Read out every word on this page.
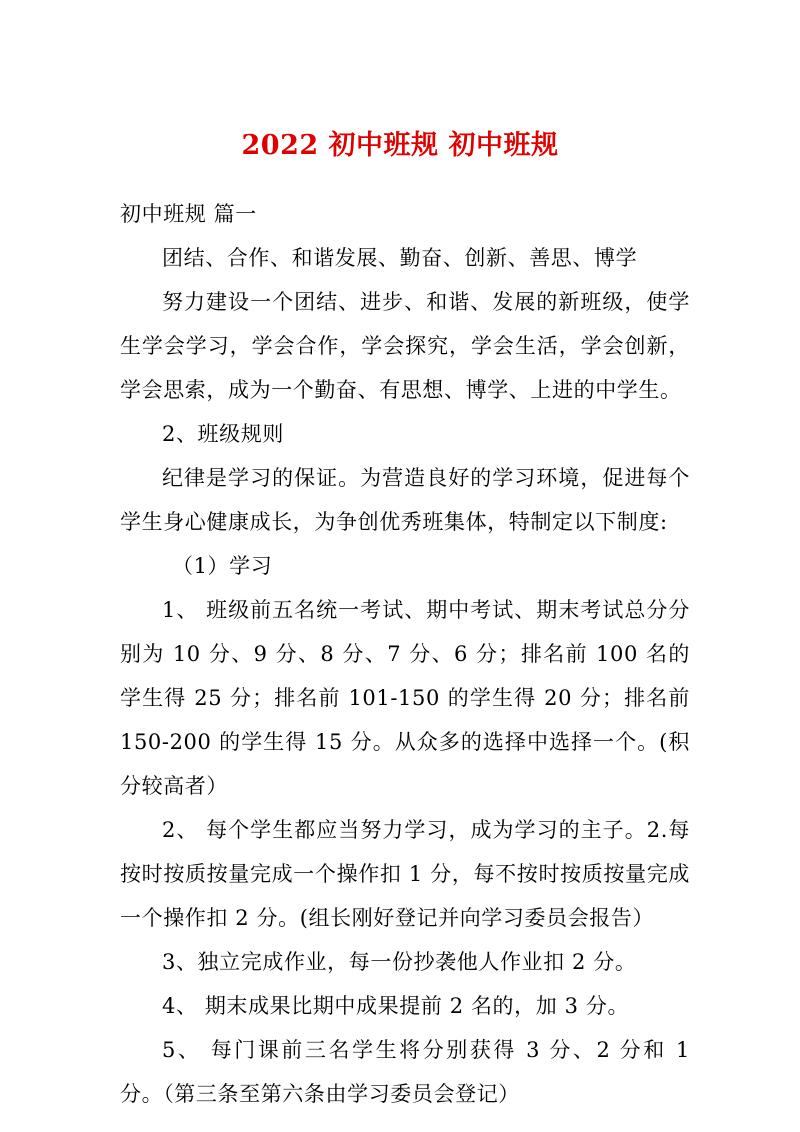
2022 初中班规 初中班规

初中班规 篇一

团结、合作、和谐发展、勤奋、创新、善思、博学

努力建设一个团结、进步、和谐、发展的新班级，使学生学会学习，学会合作，学会探究，学会生活，学会创新，学会思索，成为一个勤奋、有思想、博学、上进的中学生。

2、班级规则

纪律是学习的保证。为营造良好的学习环境，促进每个学生身心健康成长，为争创优秀班集体，特制定以下制度:

（1）学习

1、 班级前五名统一考试、期中考试、期末考试总分分别为 10 分、9 分、8 分、7 分、6 分；排名前 100 名的学生得 25 分；排名前 101-150 的学生得 20 分；排名前 150-200 的学生得 15 分。从众多的选择中选择一个。(积分较高者）

2、 每个学生都应当努力学习，成为学习的主子。2.每按时按质按量完成一个操作扣 1 分，每不按时按质按量完成一个操作扣 2 分。(组长刚好登记并向学习委员会报告）

3、独立完成作业，每一份抄袭他人作业扣 2 分。

4、 期末成果比期中成果提前 2 名的，加 3 分。

5、 每门课前三名学生将分别获得 3 分、2 分和 1 分。（第三条至第六条由学习委员会登记）
